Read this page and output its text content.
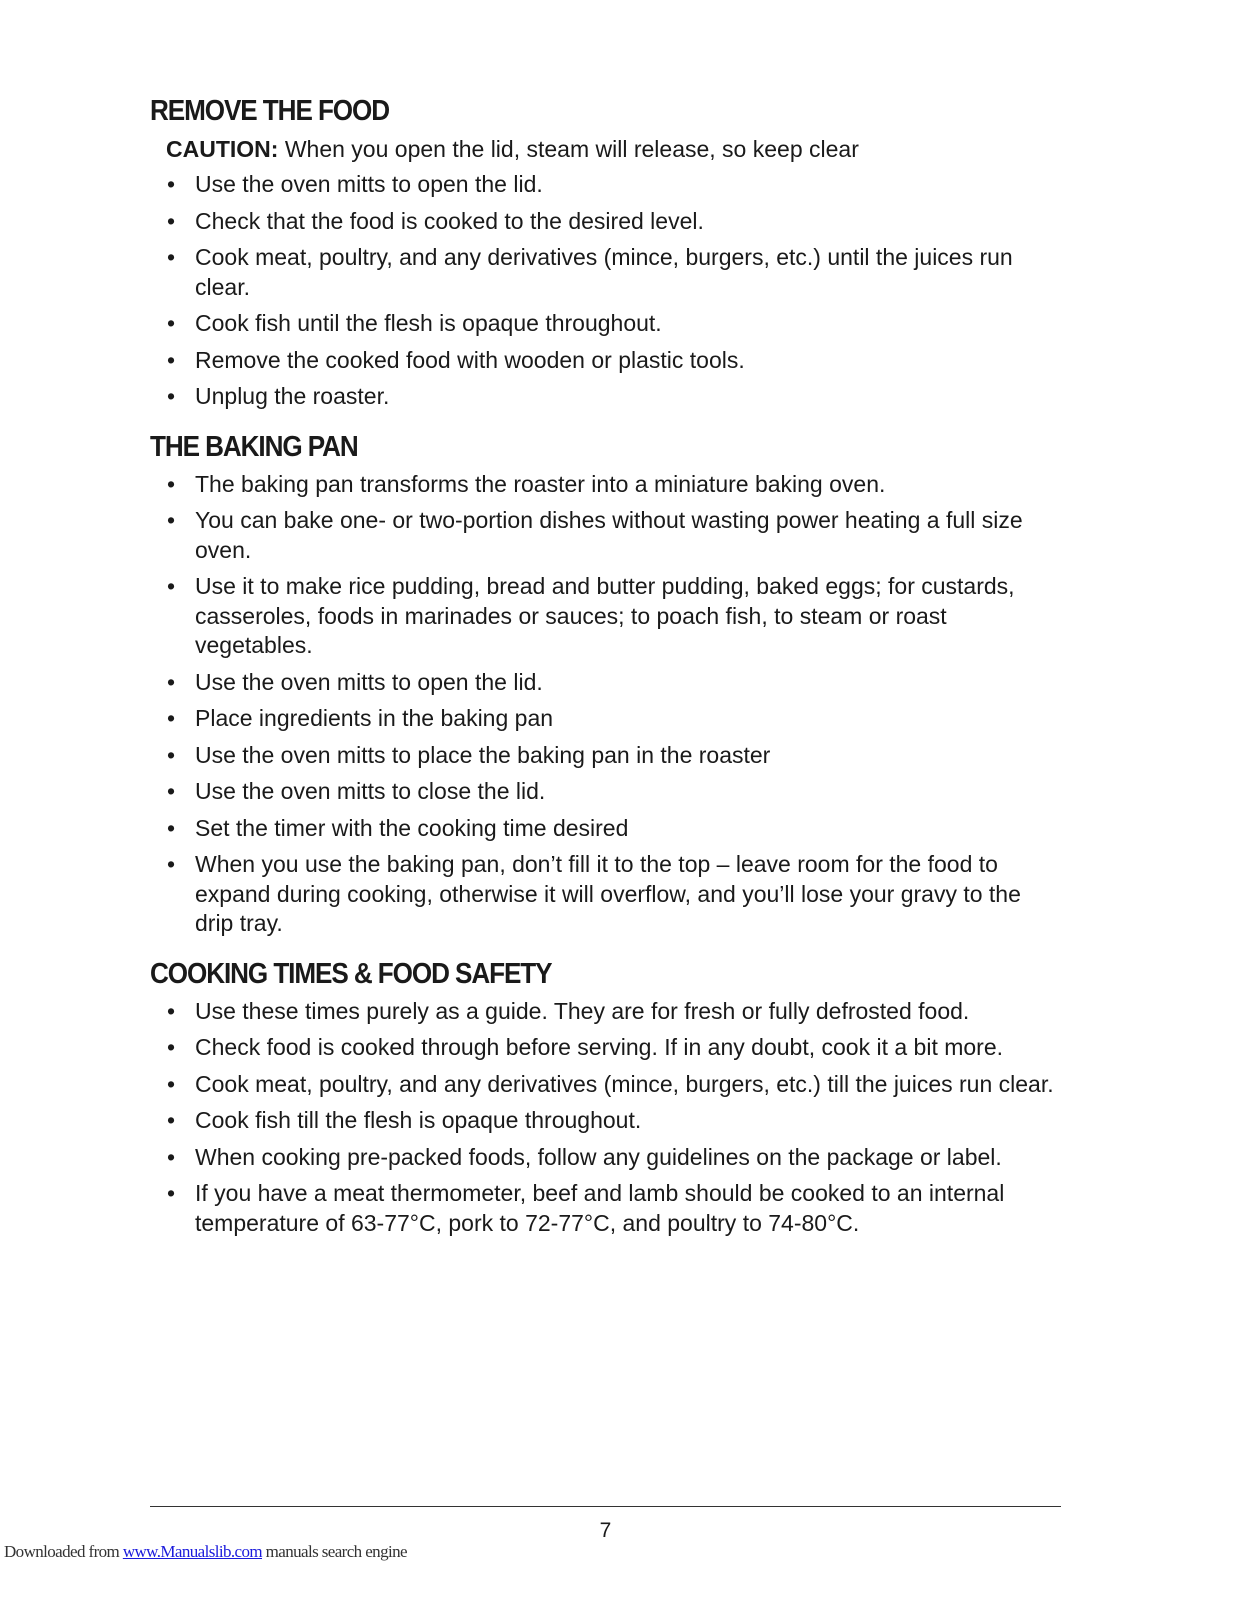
REMOVE THE FOOD
CAUTION: When you open the lid, steam will release, so keep clear
• Use the oven mitts to open the lid.
• Check that the food is cooked to the desired level.
• Cook meat, poultry, and any derivatives (mince, burgers, etc.) until the juices run clear.
• Cook fish until the flesh is opaque throughout.
• Remove the cooked food with wooden or plastic tools.
• Unplug the roaster.
THE BAKING PAN
• The baking pan transforms the roaster into a miniature baking oven.
• You can bake one- or two-portion dishes without wasting power heating a full size oven.
• Use it to make rice pudding, bread and butter pudding, baked eggs; for custards, casseroles, foods in marinades or sauces; to poach fish, to steam or roast vegetables.
• Use the oven mitts to open the lid.
• Place ingredients in the baking pan
• Use the oven mitts to place the baking pan in the roaster
• Use the oven mitts to close the lid.
• Set the timer with the cooking time desired
• When you use the baking pan, don’t fill it to the top – leave room for the food to expand during cooking, otherwise it will overflow, and you’ll lose your gravy to the drip tray.
COOKING TIMES & FOOD SAFETY
• Use these times purely as a guide. They are for fresh or fully defrosted food.
• Check food is cooked through before serving. If in any doubt, cook it a bit more.
• Cook meat, poultry, and any derivatives (mince, burgers, etc.) till the juices run clear.
• Cook fish till the flesh is opaque throughout.
• When cooking pre-packed foods, follow any guidelines on the package or label.
• If you have a meat thermometer, beef and lamb should be cooked to an internal temperature of 63-77°C, pork to 72-77°C, and poultry to 74-80°C.
7
Downloaded from www.Manualslib.com manuals search engine
